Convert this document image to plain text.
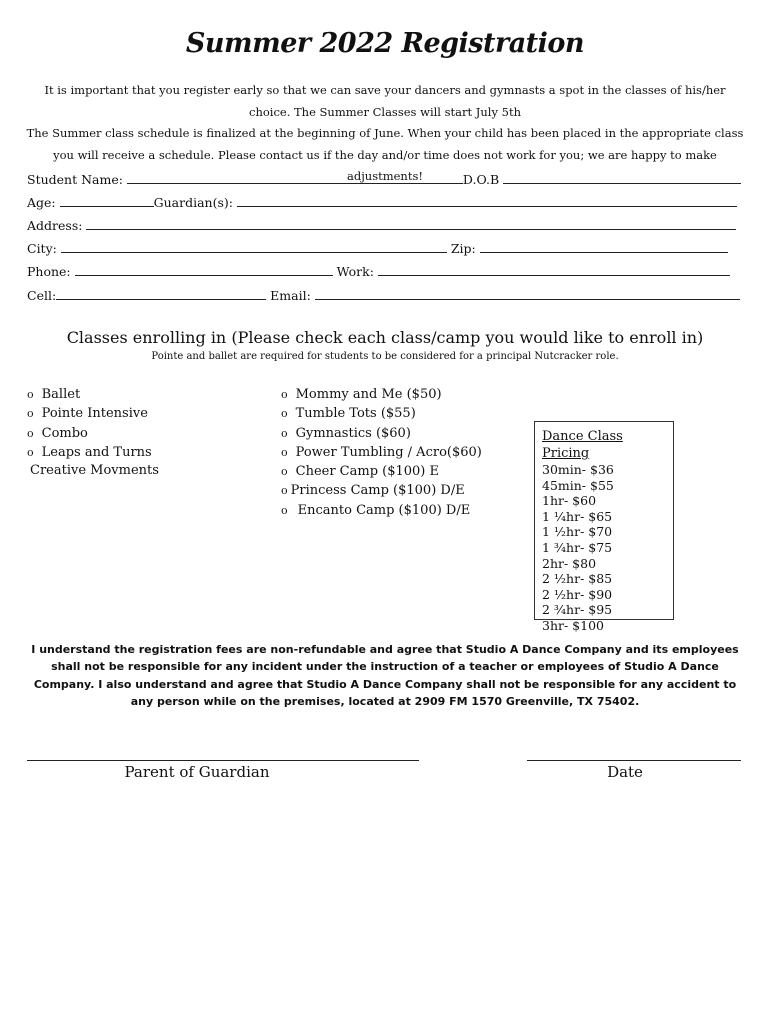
Summer 2022 Registration

It is important that you register early so that we can save your dancers and gymnasts a spot in the classes of his/her choice. The Summer Classes will start July 5th

The Summer class schedule is finalized at the beginning of June. When your child has been placed in the appropriate class you will receive a schedule. Please contact us if the day and/or time does not work for you; we are happy to make adjustments!

Student Name:	D.O.B
Age:	Guardian(s):
Address:
City:	Zip:
Phone:	Work:
Cell:	Email:
Classes enrolling in (Please check each class/camp you would like to enroll in)
Pointe and ballet are required for students to be considered for a principal Nutcracker role.
o Ballet
o Pointe Intensive
o Combo
o Leaps and Turns
Creative Movments
o Mommy and Me ($50)
o Tumble Tots ($55)
o Gymnastics ($60)
o Power Tumbling / Acro($60)
o Cheer Camp ($100) E
o Princess Camp ($100) D/E
o Encanto Camp ($100) D/E
Dance Class Pricing
30min- $36
45min- $55
1hr- $60
1 ¼hr- $65
1 ½hr- $70
1 ¾hr- $75
2hr- $80
2 ½hr- $85
2 ½hr- $90
2 ¾hr- $95
3hr- $100
I understand the registration fees are non-refundable and agree that Studio A Dance Company and its employees shall not be responsible for any incident under the instruction of a teacher or employees of Studio A Dance Company. I also understand and agree that Studio A Dance Company shall not be responsible for any accident to any person while on the premises, located at 2909 FM 1570 Greenville, TX 75402.
Parent of Guardian	Date
